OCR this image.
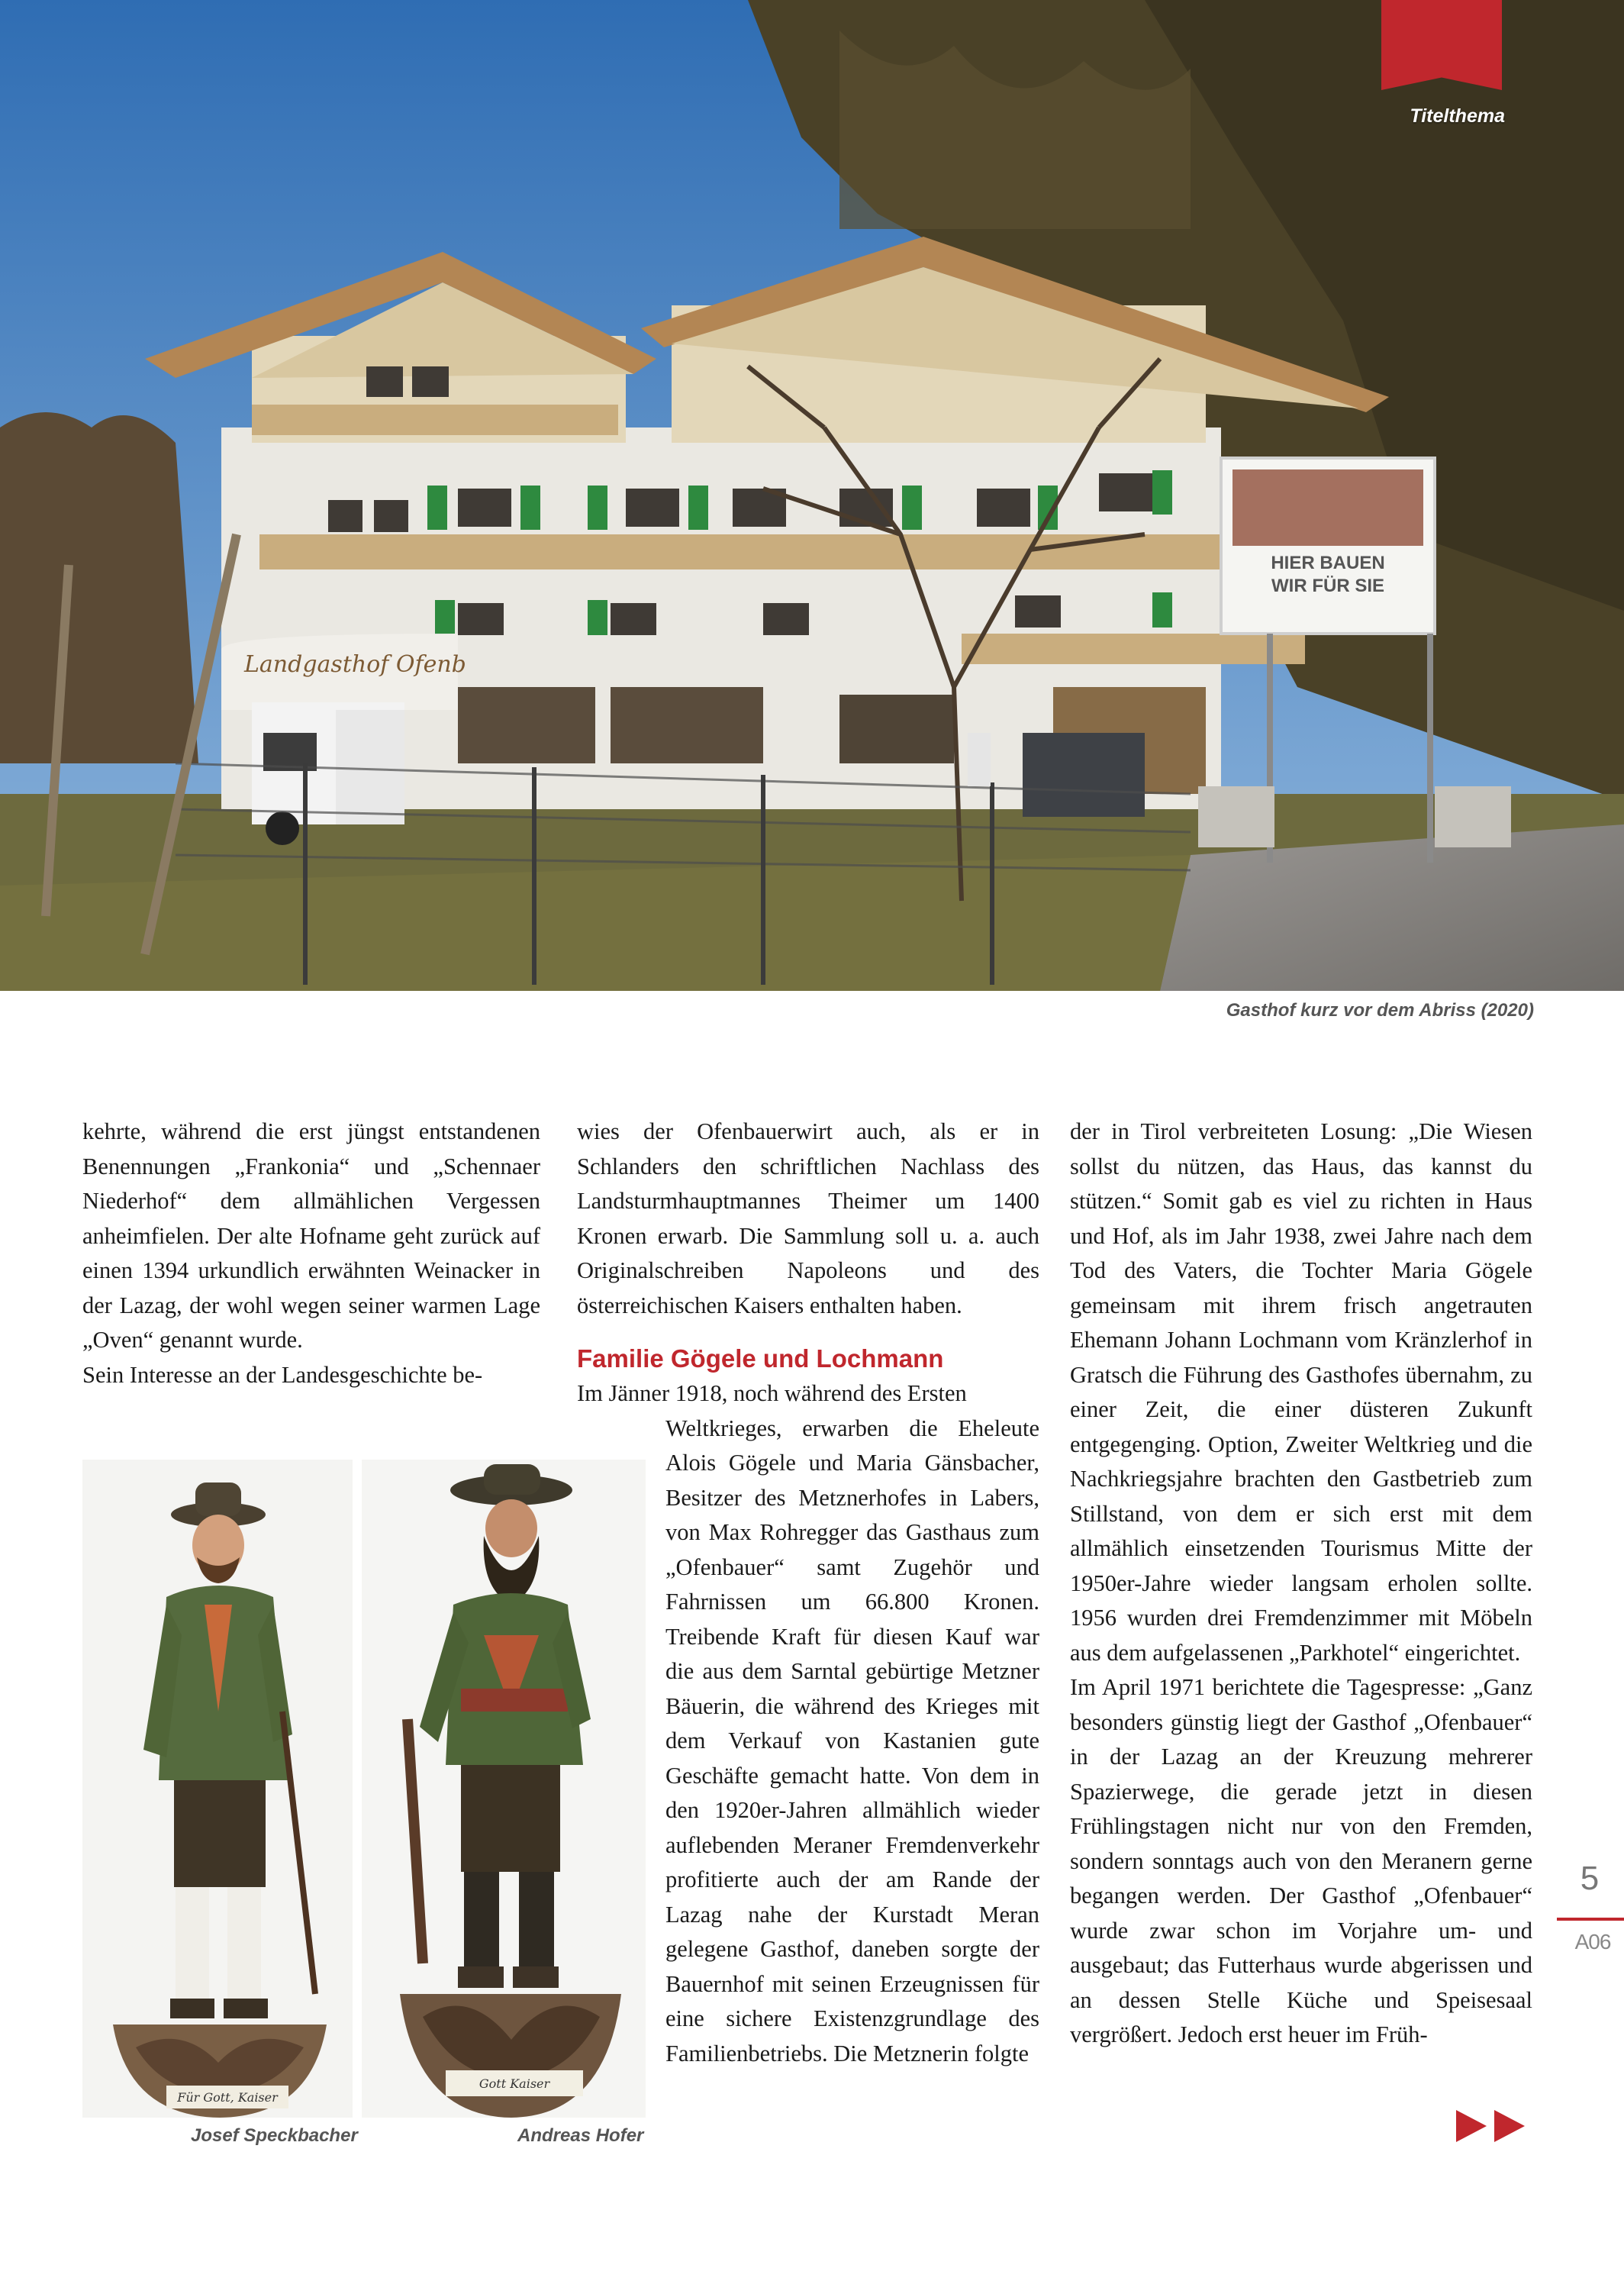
Landgasthof Ofenb
HIER BAUEN
WIR FÜR SIE
Titelthema
Gasthof kurz vor dem Abriss (2020)

kehrte, während die erst jüngst entstandenen Benennungen „Frankonia“ und „Schennaer Niederhof“ dem allmählichen Vergessen anheimfielen. Der alte Hofname geht zurück auf einen 1394 urkundlich erwähnten Weinacker in der Lazag, der wohl wegen seiner warmen Lage „Oven“ genannt wurde.

Sein Interesse an der Landesgeschichte be-

Für Gott, Kaiser
Gott Kaiser
Josef Speckbacher	Andreas Hofer

wies der Ofenbauerwirt auch, als er in Schlanders den schriftlichen Nachlass des Landsturmhauptmannes Theimer um 1400 Kronen erwarb. Die Sammlung soll u. a. auch Originalschreiben Napoleons und des österreichischen Kaisers enthalten haben.

Familie Gögele und Lochmann

Im Jänner 1918, noch während des Ersten

Weltkrieges, erwarben die Eheleute Alois Gögele und Maria Gänsbacher, Besitzer des Metznerhofes in Labers, von Max Rohregger das Gasthaus zum „Ofenbauer“ samt Zugehör und Fahrnissen um 66.800 Kronen. Treibende Kraft für diesen Kauf war die aus dem Sarntal gebürtige Metzner Bäuerin, die während des Krieges mit dem Verkauf von Kastanien gute Geschäfte gemacht hatte. Von dem in den 1920er-Jahren allmählich wieder auflebenden Meraner Fremdenverkehr profitierte auch der am Rande der Lazag nahe der Kurstadt Meran gelegene Gasthof, daneben sorgte der Bauernhof mit seinen Erzeugnissen für eine sichere Existenzgrundlage des Familienbetriebs. Die Metznerin folgte

der in Tirol verbreiteten Losung: „Die Wiesen sollst du nützen, das Haus, das kannst du stützen.“ Somit gab es viel zu richten in Haus und Hof, als im Jahr 1938, zwei Jahre nach dem Tod des Vaters, die Tochter Maria Gögele gemeinsam mit ihrem frisch angetrauten Ehemann Johann Lochmann vom Kränzlerhof in Gratsch die Führung des Gasthofes übernahm, zu einer Zeit, die einer düsteren Zukunft entgegenging. Option, Zweiter Weltkrieg und die Nachkriegsjahre brachten den Gastbetrieb zum Stillstand, von dem er sich erst mit dem allmählich einsetzenden Tourismus Mitte der 1950er-Jahre wieder langsam erholen sollte. 1956 wurden drei Fremdenzimmer mit Möbeln aus dem aufgelassenen „Parkhotel“ eingerichtet.

Im April 1971 berichtete die Tagespresse: „Ganz besonders günstig liegt der Gasthof „Ofenbauer“ in der Lazag an der Kreuzung mehrerer Spazierwege, die gerade jetzt in diesen Frühlingstagen nicht nur von den Fremden, sondern sonntags auch von den Meranern gerne begangen werden. Der Gasthof „Ofenbauer“ wurde zwar schon im Vorjahre um- und ausgebaut; das Futterhaus wurde abgerissen und an dessen Stelle Küche und Speisesaal vergrößert. Jedoch erst heuer im Früh-

5
A06
